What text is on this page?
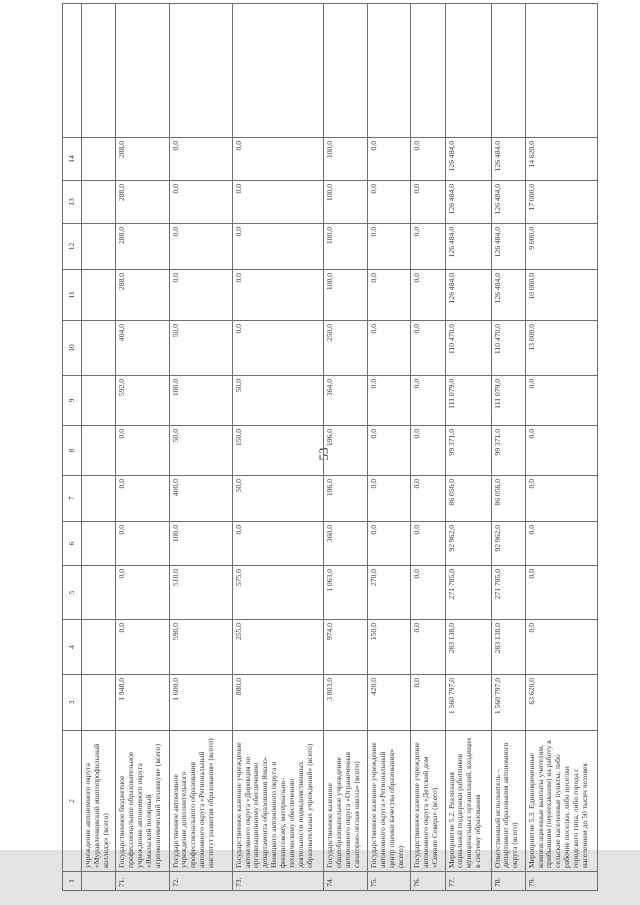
53
1	2	3	4	5	6	7	8	9	10	11	12	13	14	
	учреждение автономного округа «Муравленковский многопрофильный колледж» (всего)													
71.	Государственное бюджетное профессиональное образовательное учреждение автономного округа «Ямальский полярный агроэкономический техникум» (всего)	1 948,0	0,0	0,0	0,0	0,0	0,0	592,0	404,0	288,0	288,0	288,0	288,0	
72.	Государственное автономное учреждение дополнительного профессионального образования автономного округа «Региональный институт развития образования» (всего)	1 600,0	590,0	510,0	100,0	400,0	50,0	100,0	50,0	0,0	0,0	0,0	0,0	
73.	Государственное казенное учреждение автономного округа «Дирекция по организационному обеспечению департамента образования Ямало-Ненецкого автономного округа и финансовому, материально-техническому обеспечению деятельности подведомственных образовательных учреждений» (всего)	880,0	255,0	575,0	0,0	50,0	150,0	50,0	0,0	0,0	0,0	0,0	0,0	
74.	Государственное казенное общеобразовательное учреждение автономного округа «Ограниченная санаторно-лесная школа» (всего)	3 803,0	974,0	1 063,0	360,0	196,0	196,0	364,0	250,0	100,0	100,0	100,0	100,0	
75.	Государственное казенное учреждение автономного округа «Региональный центр оценки качества образования» (всего)	420,0	150,0	270,0	0,0	0,0	0,0	0,0	0,0	0,0	0,0	0,0	0,0	
76.	Государственное казенное учреждение автономного округа «Детский дом «Сияние Севера» (всего)	0,0	0,0	0,0	0,0	0,0	0,0	0,0	0,0	0,0	0,0	0,0	0,0	
77.	Мероприятие 5.2. Реализация социальной поддержки работников муниципальных организаций, входящих в систему образования	1 560 797,0	283 138,0	271 785,0	92 962,0	86 056,0	99 371,0	111 079,0	110 470,0	126 484,0	126 484,0	126 484,0	126 484,0	
78.	Ответственный исполнитель – департамент образования автономного округа (всего)	1 560 797,0	283 138,0	271 785,0	92 962,0	86 056,0	99 371,0	111 079,0	110 470,0	126 484,0	126 484,0	126 484,0	126 484,0	
79.	Мероприятие 5.3. Единовременные компенсационные выплаты учителям, прибывшим (переехавшим) на работу в сельские населенные пункты, либо рабочие поселки, либо поселки городского типа, либо города с населением до 50 тысяч человек	63 620,0	0,0	0,0	0,0	0,0	0,0	0,0	13 000,0	10 000,0	9 000,0	17 000,0	14 620,0	
